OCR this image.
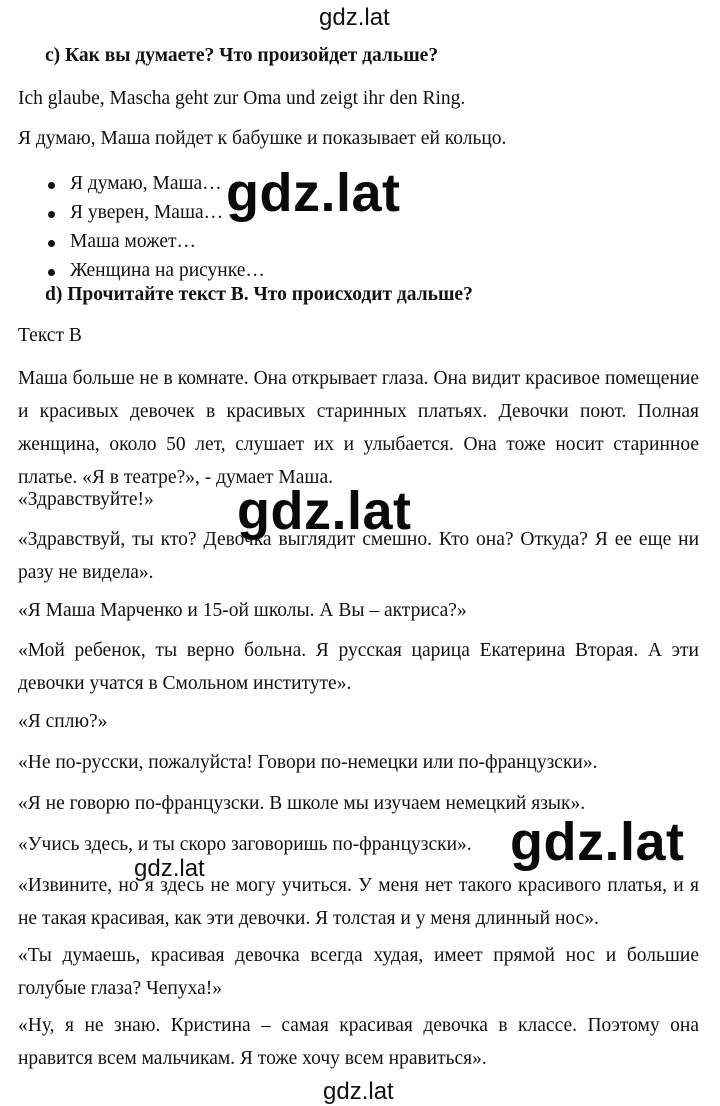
gdz.lat
c) Как вы думаете? Что произойдет дальше?
Ich glaube, Mascha geht zur Oma und zeigt ihr den Ring.
Я думаю, Маша пойдет к бабушке и показывает ей кольцо.
Я думаю, Маша…
Я уверен, Маша…
Маша может…
Женщина на рисунке…
gdz.lat
d) Прочитайте текст B. Что происходит дальше?
Текст B
Маша больше не в комнате. Она открывает глаза. Она видит красивое помещение и красивых девочек в красивых старинных платьях. Девочки поют. Полная женщина, около 50 лет, слушает их и улыбается. Она тоже носит старинное платье. «Я в театре?», - думает Маша.
«Здравствуйте!»
«Здравствуй, ты кто? Девочка выглядит смешно. Кто она? Откуда? Я ее еще ни разу не видела».
gdz.lat
«Я Маша Марченко и 15-ой школы. А Вы – актриса?»
«Мой ребенок, ты верно больна. Я русская царица Екатерина Вторая. А эти девочки учатся в Смольном институте».
«Я сплю?»
«Не по-русски, пожалуйста! Говори по-немецки или по-французски».
«Я не говорю по-французски. В школе мы изучаем немецкий язык».
«Учись здесь, и ты скоро заговоришь по-французски». gdz.lat
gdz.lat
«Извините, но я здесь не могу учиться. У меня нет такого красивого платья, и я не такая красивая, как эти девочки. Я толстая и у меня длинный нос».
«Ты думаешь, красивая девочка всегда худая, имеет прямой нос и большие голубые глаза? Чепуха!»
«Ну, я не знаю. Кристина – самая красивая девочка в классе. Поэтому она нравится всем мальчикам. Я тоже хочу всем нравиться».
gdz.lat
